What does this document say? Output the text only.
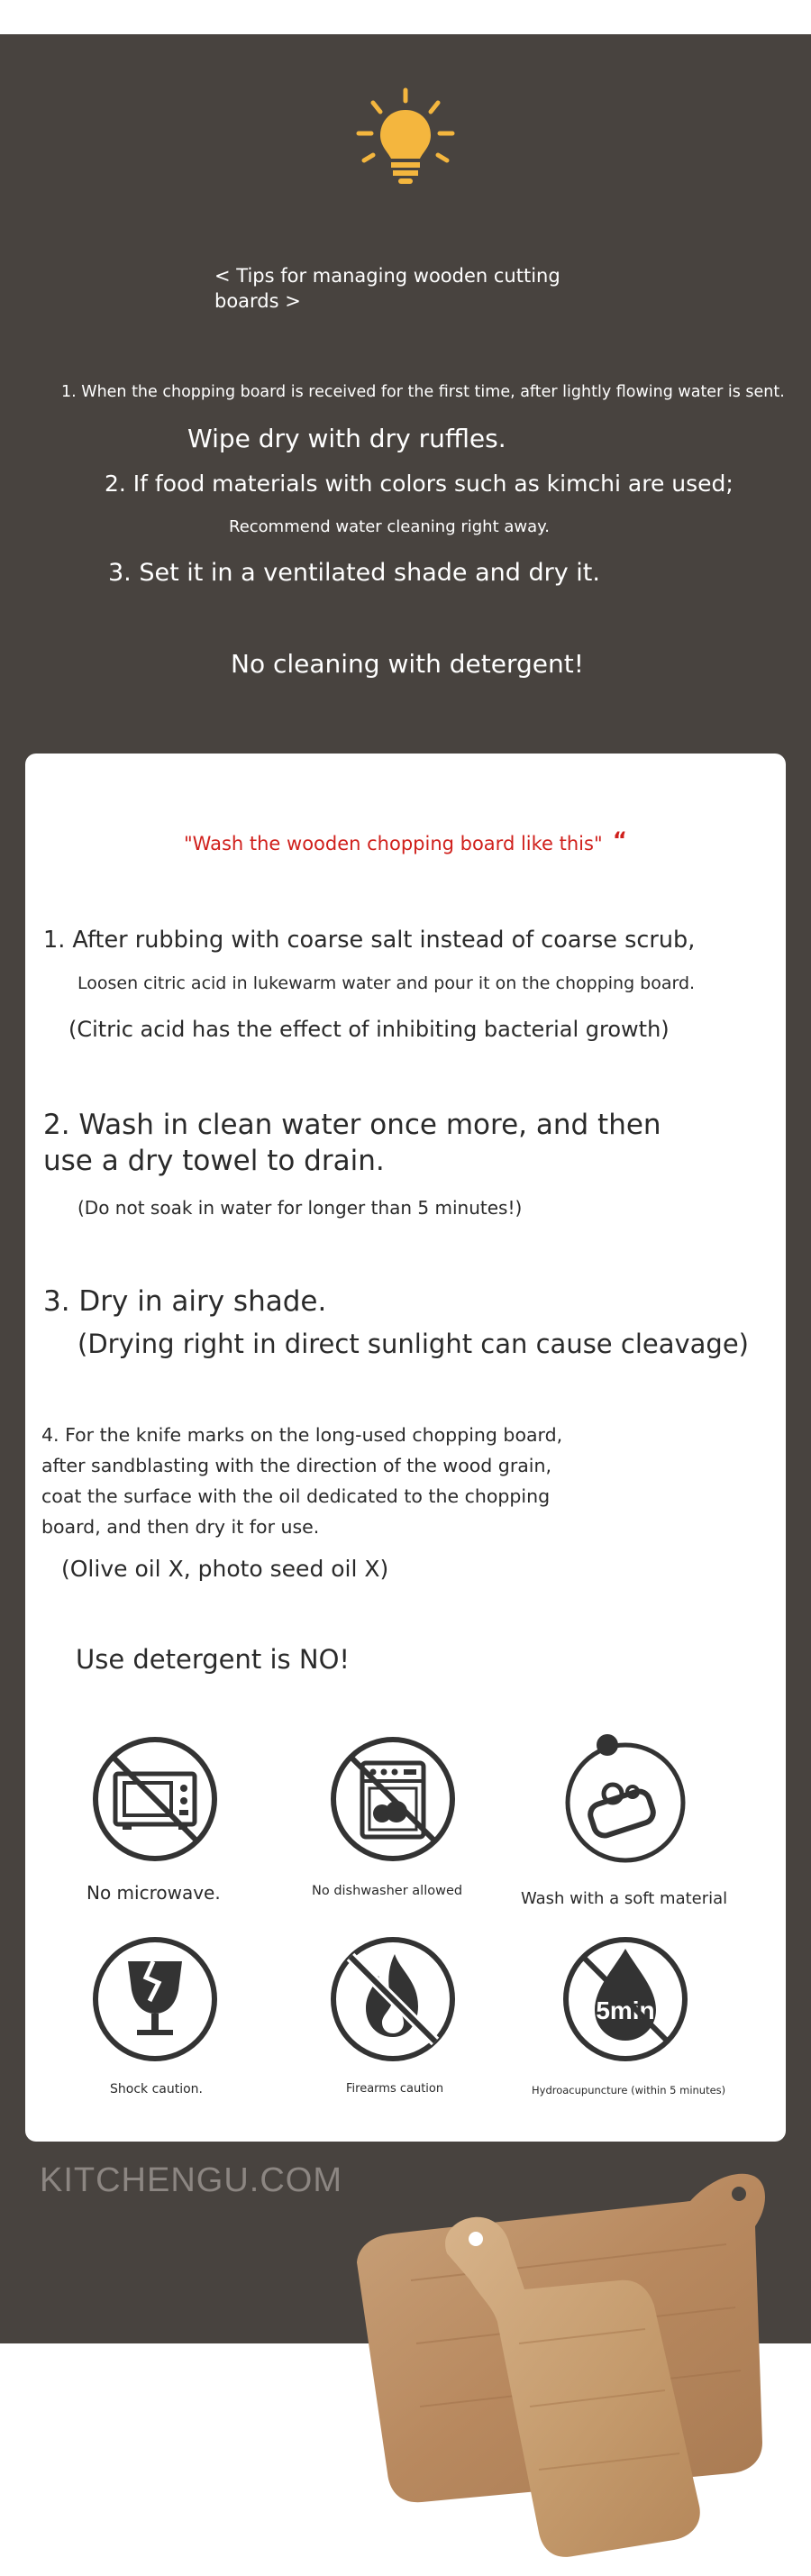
< Tips for managing wooden cutting
boards >
1. When the chopping board is received for the first time, after lightly flowing water is sent.
Wipe dry with dry ruffles.
2. If food materials with colors such as kimchi are used;
Recommend water cleaning right away.
3. Set it in a ventilated shade and dry it.
No cleaning with detergent!
"Wash the wooden chopping board like this" “
1. After rubbing with coarse salt instead of coarse scrub,
Loosen citric acid in lukewarm water and pour it on the chopping board.
(Citric acid has the effect of inhibiting bacterial growth)
2. Wash in clean water once more, and then
use a dry towel to drain.
(Do not soak in water for longer than 5 minutes!)
3. Dry in airy shade.
(Drying right in direct sunlight can cause cleavage)
4. For the knife marks on the long-used chopping board,
after sandblasting with the direction of the wood grain,
coat the surface with the oil dedicated to the chopping
board, and then dry it for use.
(Olive oil X, photo seed oil X)
Use detergent is NO!
No microwave.	No dishwasher allowed	Wash with a soft material
Shock caution.	Firearms caution
5min
Hydroacupuncture (within 5 minutes)
KITCHENGU.COM
